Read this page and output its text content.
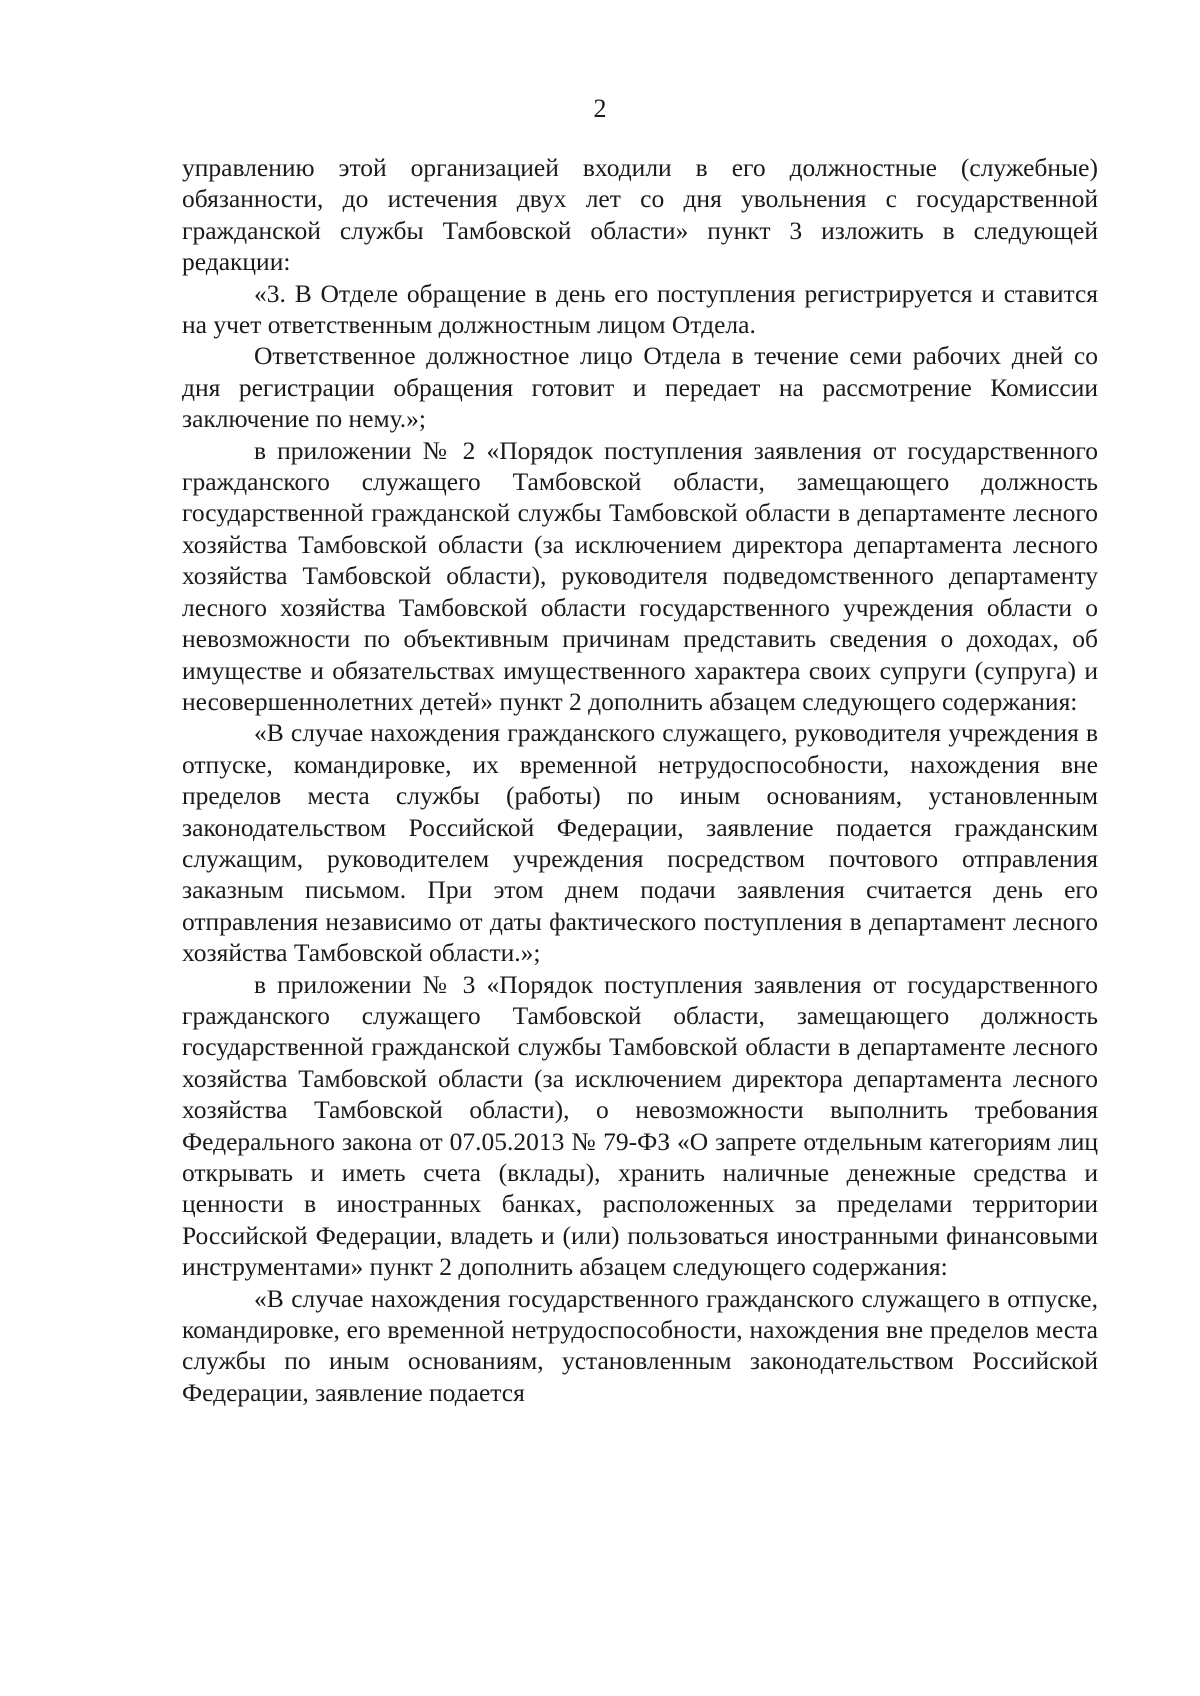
2

управлению этой организацией входили в его должностные (служебные) обязанности, до истечения двух лет со дня увольнения с государственной гражданской службы Тамбовской области» пункт 3 изложить в следующей редакции:

«3. В Отделе обращение в день его поступления регистрируется и ставится на учет ответственным должностным лицом Отдела.

Ответственное должностное лицо Отдела в течение семи рабочих дней со дня регистрации обращения готовит и передает на рассмотрение Комиссии заключение по нему.»;

в приложении № 2 «Порядок поступления заявления от государственного гражданского служащего Тамбовской области, замещающего должность государственной гражданской службы Тамбовской области в департаменте лесного хозяйства Тамбовской области (за исключением директора департамента лесного хозяйства Тамбовской области), руководителя подведомственного департаменту лесного хозяйства Тамбовской области государственного учреждения области о невозможности по объективным причинам представить сведения о доходах, об имуществе и обязательствах имущественного характера своих супруги (супруга) и несовершеннолетних детей» пункт 2 дополнить абзацем следующего содержания:

«В случае нахождения гражданского служащего, руководителя учреждения в отпуске, командировке, их временной нетрудоспособности, нахождения вне пределов места службы (работы) по иным основаниям, установленным законодательством Российской Федерации, заявление подается гражданским служащим, руководителем учреждения посредством почтового отправления заказным письмом. При этом днем подачи заявления считается день его отправления независимо от даты фактического поступления в департамент лесного хозяйства Тамбовской области.»;

в приложении № 3 «Порядок поступления заявления от государственного гражданского служащего Тамбовской области, замещающего должность государственной гражданской службы Тамбовской области в департаменте лесного хозяйства Тамбовской области (за исключением директора департамента лесного хозяйства Тамбовской области), о невозможности выполнить требования Федерального закона от 07.05.2013 № 79-ФЗ «О запрете отдельным категориям лиц открывать и иметь счета (вклады), хранить наличные денежные средства и ценности в иностранных банках, расположенных за пределами территории Российской Федерации, владеть и (или) пользоваться иностранными финансовыми инструментами» пункт 2 дополнить абзацем следующего содержания:

«В случае нахождения государственного гражданского служащего в отпуске, командировке, его временной нетрудоспособности, нахождения вне пределов места службы по иным основаниям, установленным законодательством Российской Федерации, заявление подается
